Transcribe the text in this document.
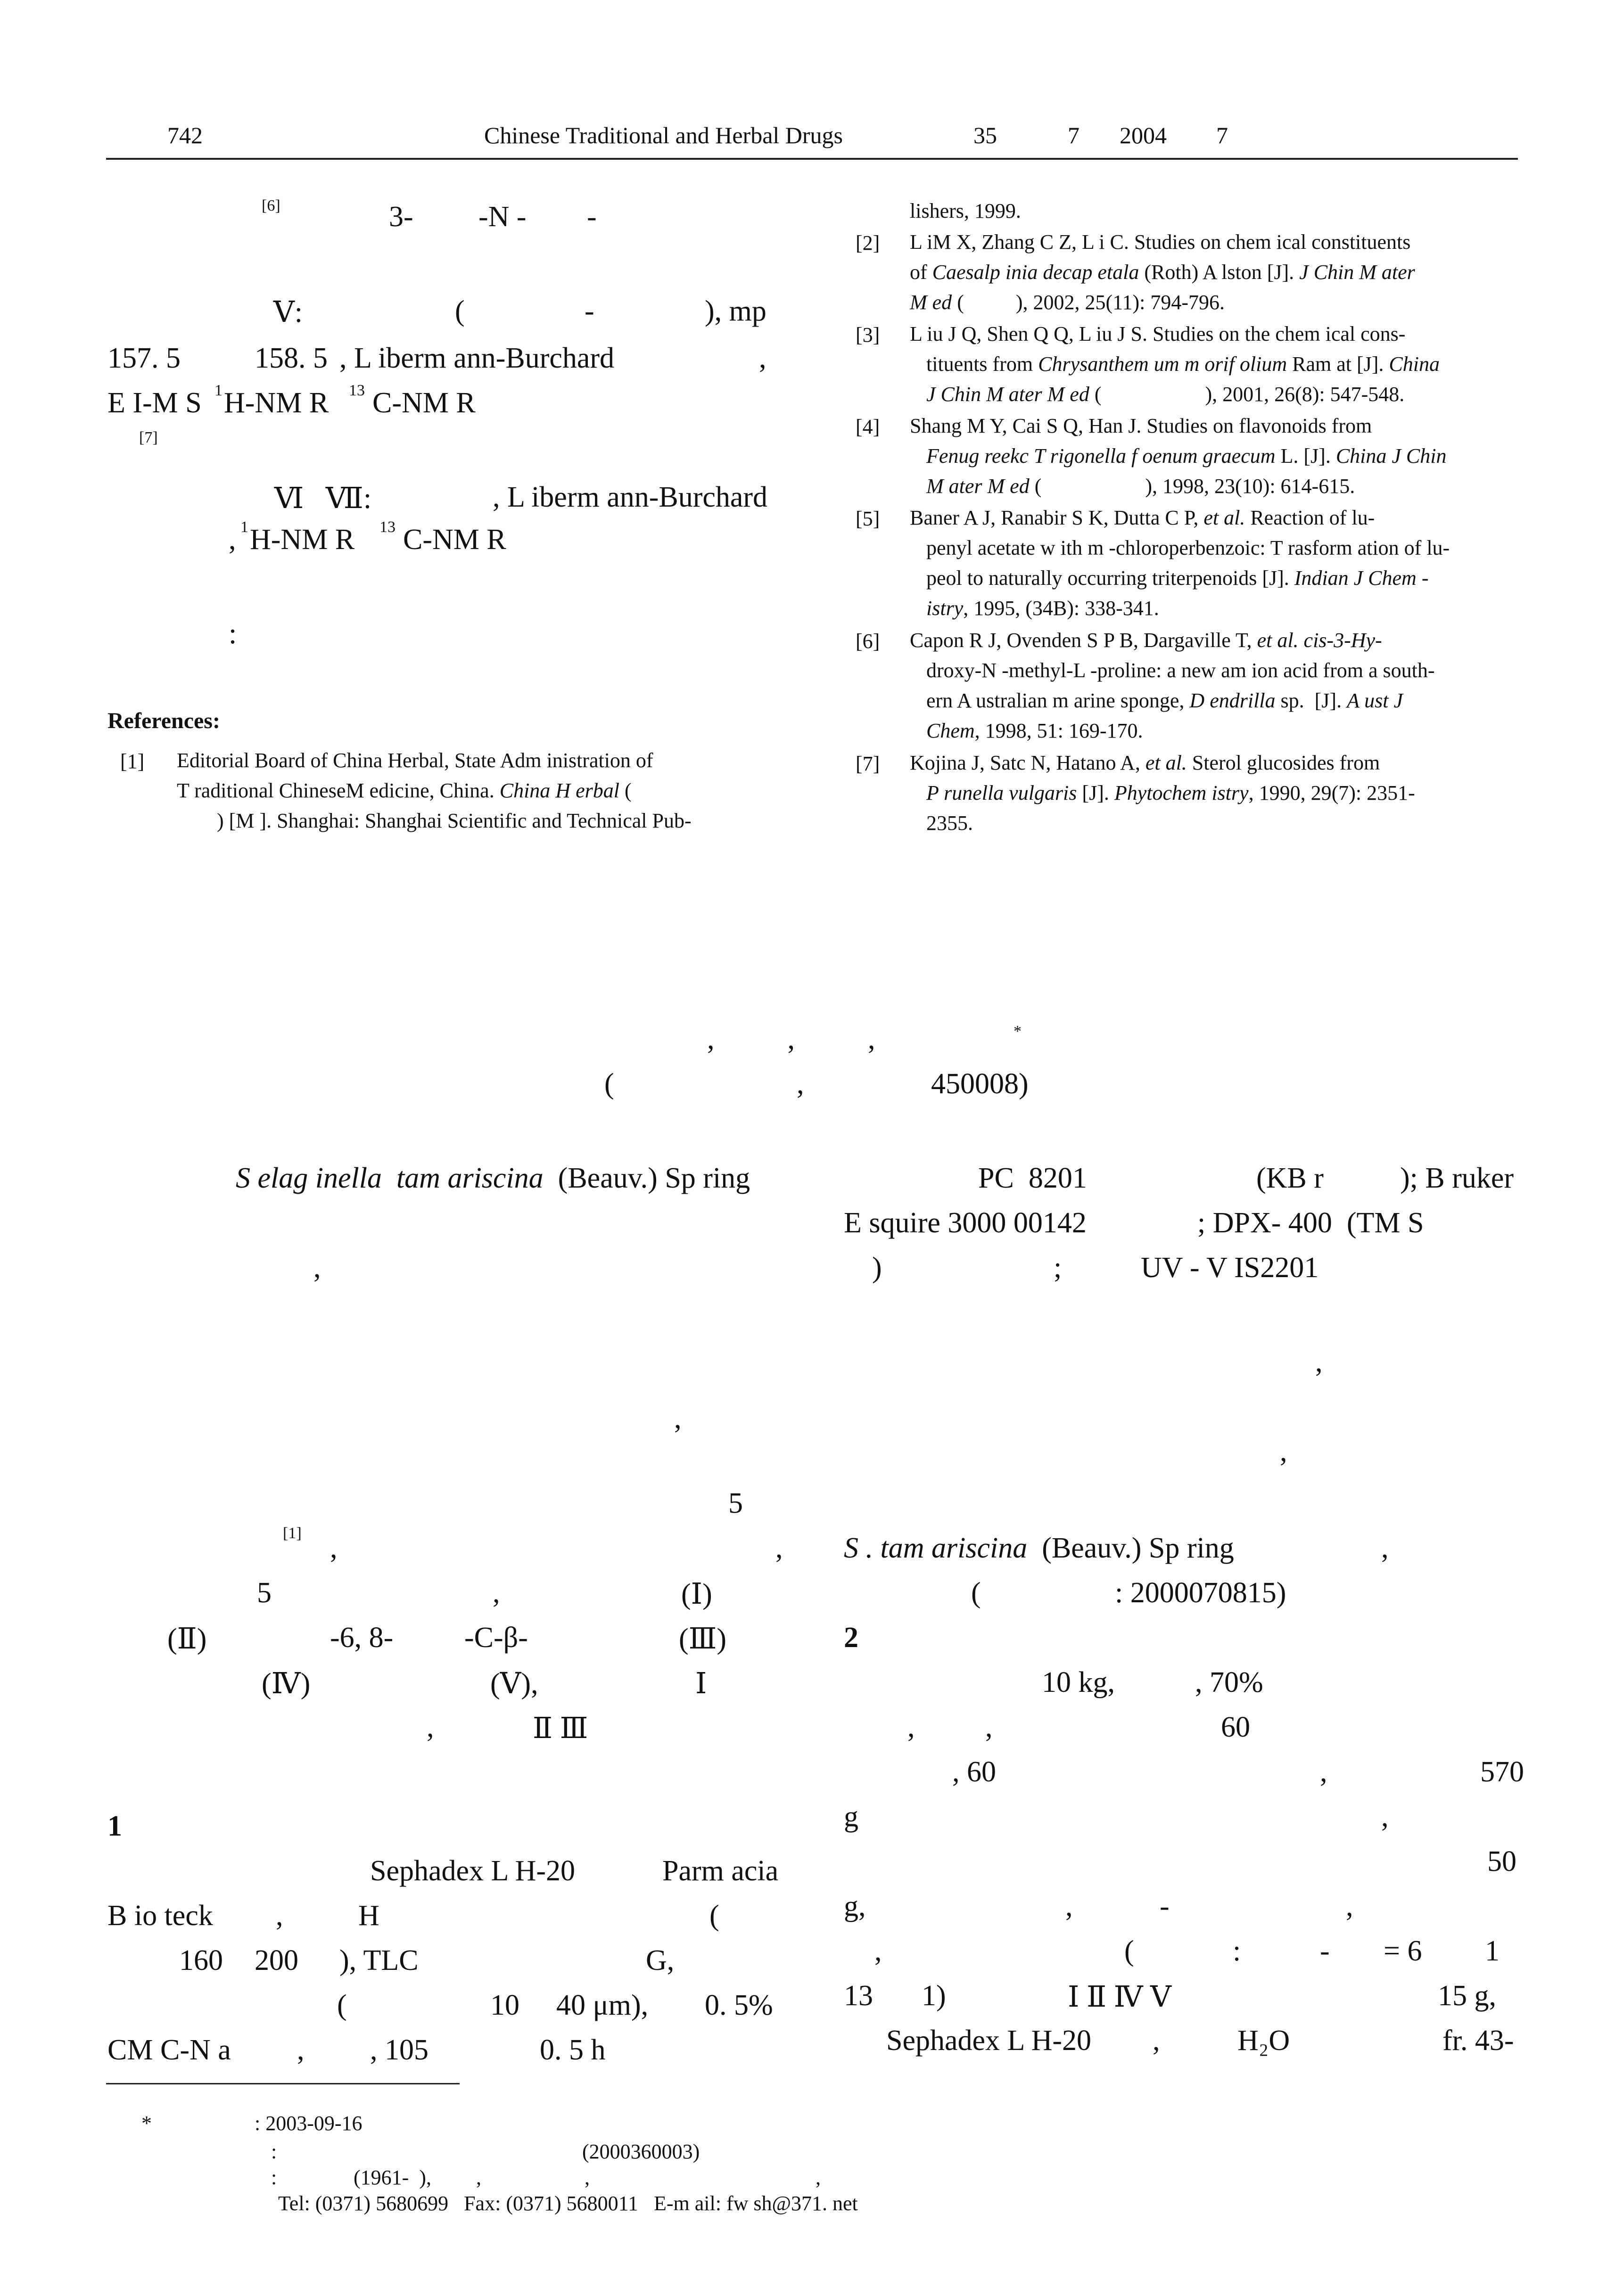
742	Chinese Traditional and Herbal Drugs	35	7 2004 7
[6]	3- -N - -
Ⅴ:	(	-	), mp
157. 5	158. 5 , L iberm ann-Burchard	,
E I-M S 1 H-NM R 13 C-NM R
[7]
Ⅵ   Ⅶ:	, L iberm ann-Burchard
, 1 H-NM R 13 C-NM R
:
References:
[1] Editorial Board of China Herbal, State Adm inistration of
T raditional ChineseM edicine, China. China H erbal (
) [M ]. Shanghai: Shanghai Scientific and Technical Pub-
lishers, 1999.
[2] L iM X, Zhang C Z, L i C. Studies on chem ical constituents
of Caesalp inia decap etala (Roth) A lston [J]. J Chin M ater
M ed (          ), 2002, 25(11): 794-796.
[3] L iu J Q, Shen Q Q, L iu J S. Studies on the chem ical cons-
tituents from Chrysanthem um m orif olium Ram at [J]. China
J Chin M ater M ed (                    ), 2001, 26(8): 547-548.
[4] Shang M Y, Cai S Q, Han J. Studies on flavonoids from
Fenug reekc T rigonella f oenum graecum L. [J]. China J Chin
M ater M ed (                    ), 1998, 23(10): 614-615.
[5] Baner A J, Ranabir S K, Dutta C P, et al. Reaction of lu-
penyl acetate w ith m -chloroperbenzoic: T rasform ation of lu-
peol to naturally occurring triterpenoids [J]. Indian J Chem -
istry, 1995, (34B): 338-341.
[6] Capon R J, Ovenden S P B, Dargaville T, et al. cis-3-Hy-
droxy-N -methyl-L -proline: a new am ion acid from a south-
ern A ustralian m arine sponge, D endrilla sp.  [J]. A ust J
Chem, 1998, 51: 169-170.
[7] Kojina J, Satc N, Hatano A, et al. Sterol glucosides from
P runella vulgaris [J]. Phytochem istry, 1990, 29(7): 2351-
2355.
,          ,          ,	*
(	,	450008)
S elag inella  tam ariscina (Beauv.) Sp ring
,
,
5
[1] ,	,
5	,	(Ⅰ)
(Ⅱ)	-6, 8- -C-β-	(Ⅲ)
(Ⅳ)	(Ⅴ),	Ⅰ
,	Ⅱ Ⅲ
1
Sephadex L H-20	Parm acia
B io teck ,	H	(
160 200 ), TLC	G,
(	10 40 μm), 0. 5%
CM C-N a , , 105	0. 5 h
PC  8201	(KB r	); B ruker
E squire 3000 00142	; DPX- 400  (TM S
)	;	UV - V IS2201
,
,
S . tam ariscina (Beauv.) Sp ring	,
(	: 2000070815)
2
10 kg,	, 70%
, ,	60
, 60	,	570
g	,
50
g,	,	-	,
,	(	:	- = 6 1
13 1)	Ⅰ Ⅱ Ⅳ Ⅴ	15 g,
Sephadex L H-20 ,	H₂O	fr. 43-
*	: 2003-09-16
:	(2000360003)
:	(1961-  ), ,	,	,
Tel: (0371) 5680699   Fax: (0371) 5680011   E-m ail: fw sh@371. net
